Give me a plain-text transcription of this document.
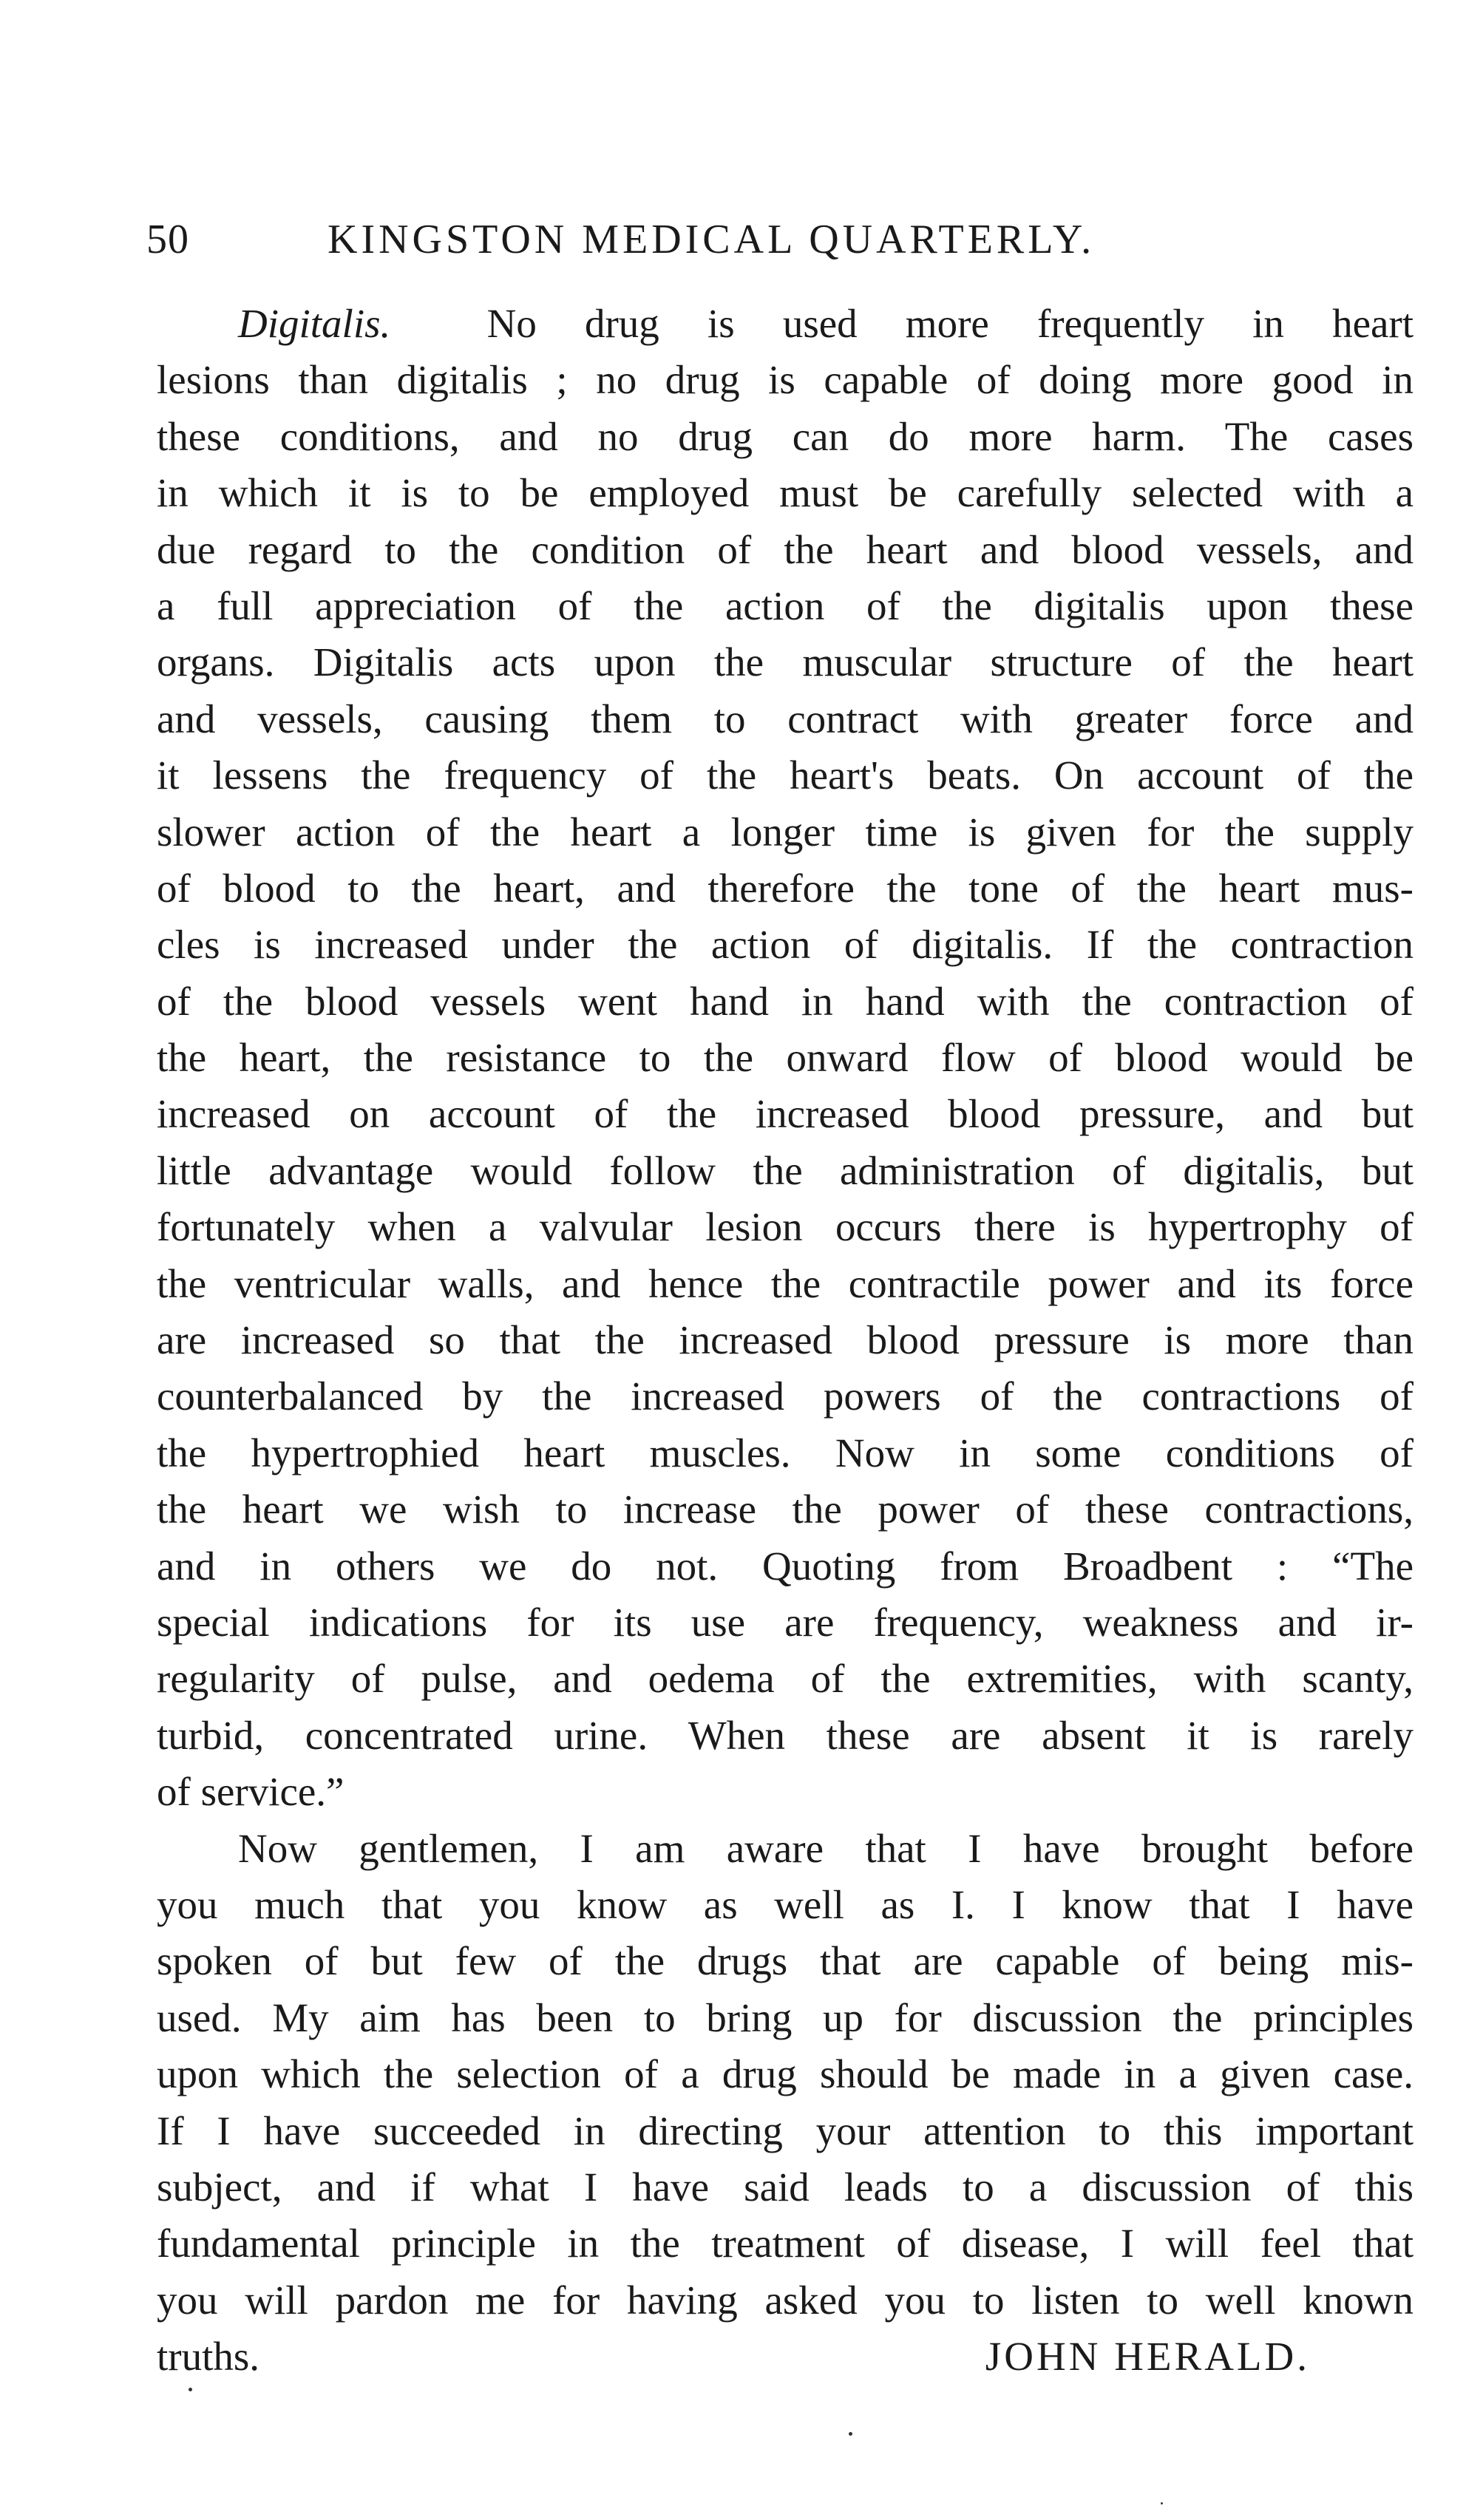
50	KINGSTON MEDICAL QUARTERLY.
Digitalis. No drug is used more frequently in heart
lesions than digitalis ; no drug is capable of doing more good in
these conditions, and no drug can do more harm. The cases
in which it is to be employed must be carefully selected with a
due regard to the condition of the heart and blood vessels, and
a full appreciation of the action of the digitalis upon these
organs. Digitalis acts upon the muscular structure of the heart
and vessels, causing them to contract with greater force and
it lessens the frequency of the heart's beats. On account of the
slower action of the heart a longer time is given for the supply
of blood to the heart, and therefore the tone of the heart mus-
cles is increased under the action of digitalis. If the contraction
of the blood vessels went hand in hand with the contraction of
the heart, the resistance to the onward flow of blood would be
increased on account of the increased blood pressure, and but
little advantage would follow the administration of digitalis, but
fortunately when a valvular lesion occurs there is hypertrophy of
the ventricular walls, and hence the contractile power and its force
are increased so that the increased blood pressure is more than
counterbalanced by the increased powers of the contractions of
the hypertrophied heart muscles. Now in some conditions of
the heart we wish to increase the power of these contractions,
and in others we do not. Quoting from Broadbent : “The
special indications for its use are frequency, weakness and ir-
regularity of pulse, and oedema of the extremities, with scanty,
turbid, concentrated urine. When these are absent it is rarely
of service.”
Now gentlemen, I am aware that I have brought before
you much that you know as well as I. I know that I have
spoken of but few of the drugs that are capable of being mis-
used. My aim has been to bring up for discussion the principles
upon which the selection of a drug should be made in a given case.
If I have succeeded in directing your attention to this important
subject, and if what I have said leads to a discussion of this
fundamental principle in the treatment of disease, I will feel that
you will pardon me for having asked you to listen to well known
truths.	JOHN HERALD.
